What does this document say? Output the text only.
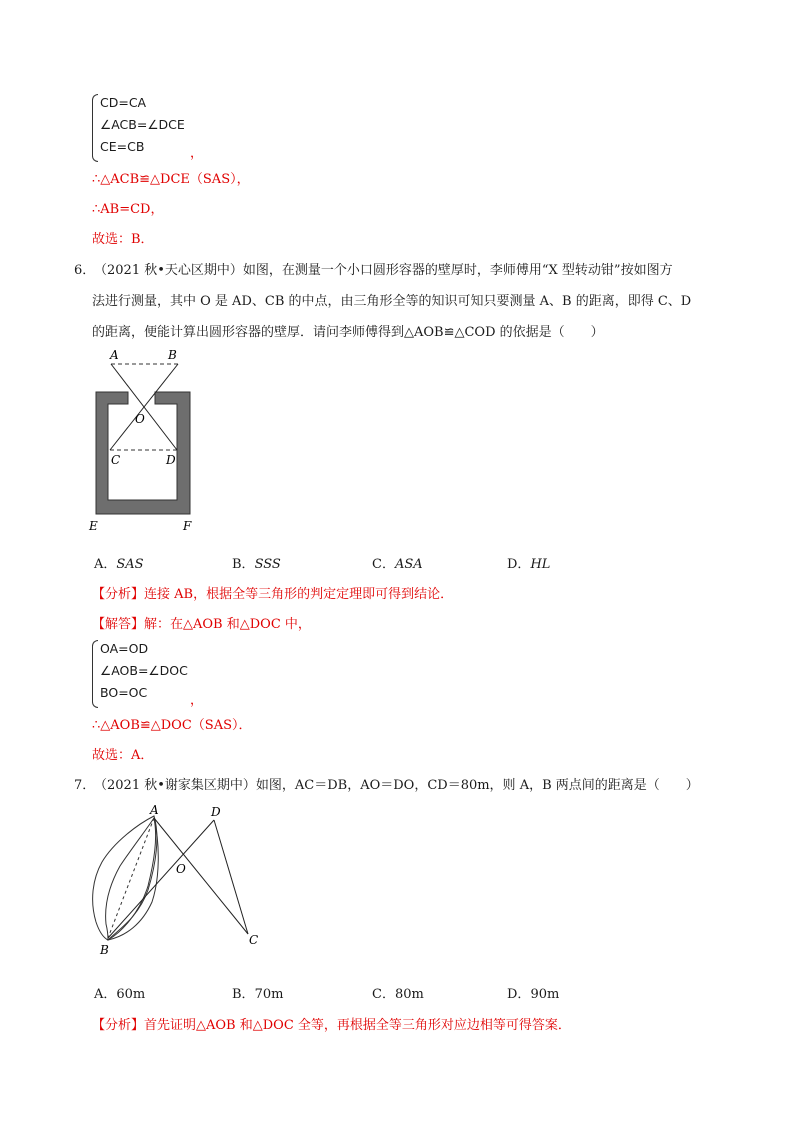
CD=CA
∠ACB=∠DCE
CE=CB	，
∴△ACB≌△DCE（SAS），
∴AB=CD，
故选：B．
6．
（2021 秋•天心区期中）如图，在测量一个小口圆形容器的壁厚时，李师傅用“X 型转动钳”按如图方
法进行测量，其中 O 是 AD、CB 的中点，由三角形全等的知识可知只要测量 A、B 的距离，即得 C、D
的距离，便能计算出圆形容器的壁厚．请问李师傅得到△AOB≌△COD 的依据是（　　）
A	B
O
C	D
E	F
A．SAS	B．SSS	C．ASA	D．HL
【分析】连接 AB，根据全等三角形的判定定理即可得到结论．
【解答】解：在△AOB 和△DOC 中，
OA=OD
∠AOB=∠DOC
BO=OC
，
∴△AOB≌△DOC（SAS）．
故选：A．
7．
（2021 秋•谢家集区期中）如图，AC＝DB，AO＝DO，CD＝80m，则 A，B 两点间的距离是（　　）
A	D
O
B
C
A．60m	B．70m	C．80m	D．90m
【分析】首先证明△AOB 和△DOC 全等，再根据全等三角形对应边相等可得答案．
